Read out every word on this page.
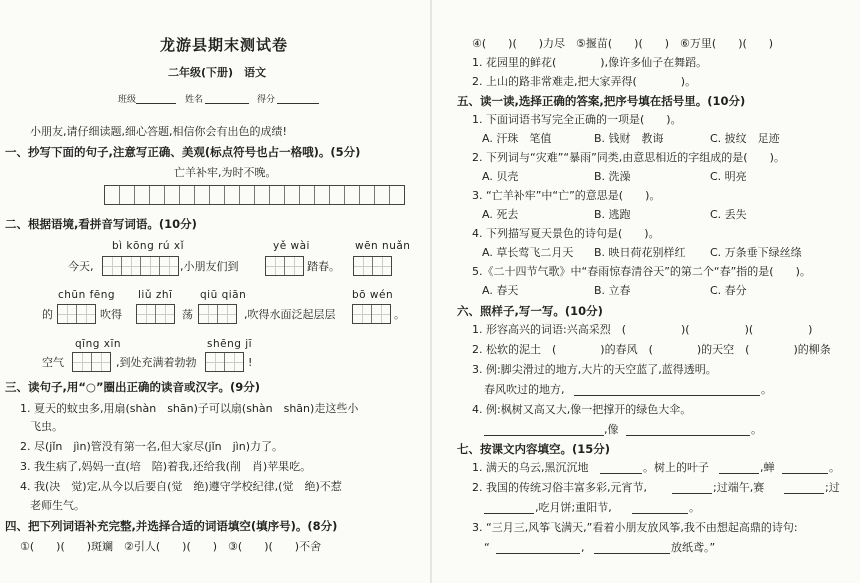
龙游县期末测试卷
二年级(下册)　语文
班级	姓名	得分
小朋友,请仔细读题,细心答题,相信你会有出色的成绩!
一、抄写下面的句子,注意写正确、美观(标点符号也占一格哦)。(5分)
亡羊补牢,为时不晚。
二、根据语境,看拼音写词语。(10分)
bì kōng rú xǐ	yě wài	wēn nuǎn
今天,	,小朋友们到	踏春。
chūn fēng liǔ zhī	qiū qiān	bō wén
的	吹得	荡	,吹得水面泛起层层	。
qīng xīn	shēng jī
空气	,到处充满着勃勃	!
三、读句子,用“○”圈出正确的读音或汉字。(9分)
1. 夏天的蚊虫多,用扇(shàn　shān)子可以扇(shàn　shān)走这些小
飞虫。
2. 尽(jǐn　jìn)管没有第一名,但大家尽(jǐn　jìn)力了。
3. 我生病了,妈妈一直(培　陪)着我,还给我(削　肖)苹果吃。
4. 我(决　觉)定,从今以后要自(觉　绝)遵守学校纪律,(觉　绝)不惹
老师生气。
四、把下列词语补充完整,并选择合适的词语填空(填序号)。(8分)
①(　　)(　　)斑斓　②引人(　　)(　　)　③(　　)(　　)不舍
④(　　)(　　)力尽　⑤揠苗(　　)(　　)　⑥万里(　　)(　　)
1. 花园里的鲜花(　　　　),像许多仙子在舞蹈。
2. 上山的路非常难走,把大家弄得(　　　　)。
五、读一读,选择正确的答案,把序号填在括号里。(10分)
1. 下面词语书写完全正确的一项是(　　)。
A. 汗珠　笔值	B. 钱财　教诲	C. 披纹　足迹
2. 下列词与“灾难”“暴雨”同类,由意思相近的字组成的是(　　)。
A. 贝壳	B. 洗澡	C. 明亮
3. “亡羊补牢”中“亡”的意思是(　　)。
A. 死去	B. 逃跑	C. 丢失
4. 下列描写夏天景色的诗句是(　　)。
A. 草长莺飞二月天 B. 映日荷花别样红 C. 万条垂下绿丝绦
5.《二十四节气歌》中“春雨惊春清谷天”的第二个“春”指的是(　　)。
A. 春天	B. 立春	C. 春分
六、照样子,写一写。(10分)
1. 形容高兴的词语:兴高采烈　(　　　　　)(　　　　　)(　　　　　)
2. 松软的泥土　(　　　　)的春风　(　　　　)的天空　(　　　　)的柳条
3. 例:脚尖滑过的地方,大片的天空蓝了,蓝得透明。
春风吹过的地方,	。
4. 例:枫树又高又大,像一把撑开的绿色大伞。
,像	。
七、按课文内容填空。(15分)
1. 满天的乌云,黑沉沉地	。树上的叶子	,蝉	。
2. 我国的传统习俗丰富多彩,元宵节,	;过端午,赛	;过
,吃月饼;重阳节,	。
3. “三月三,风筝飞满天,”看着小朋友放风筝,我不由想起高鼎的诗句:
“	,	放纸鸢。”
